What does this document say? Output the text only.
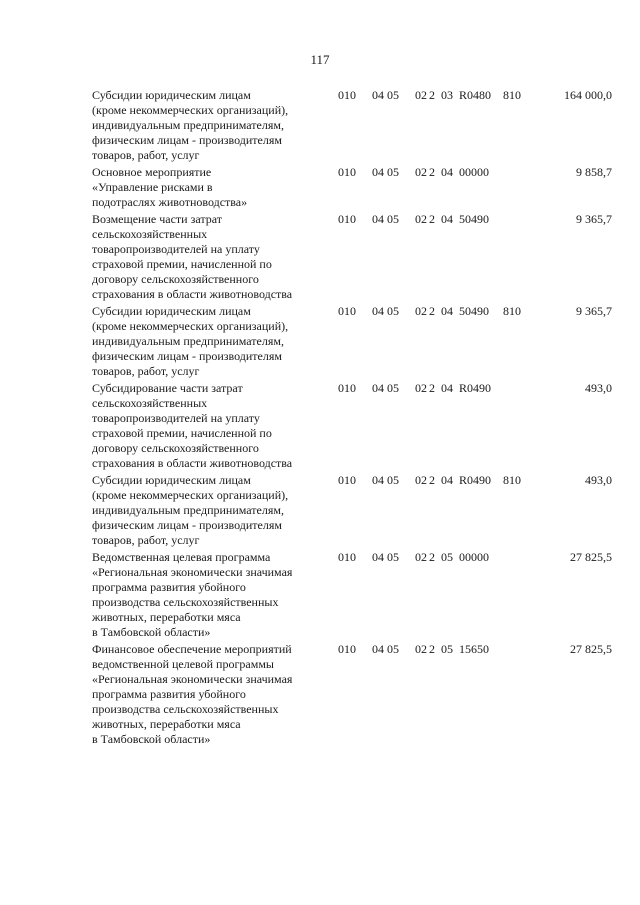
117
Субсидии юридическим лицам
(кроме некоммерческих организаций),
индивидуальным предпринимателям,
физическим лицам - производителям
товаров, работ, услуг
010 04 05 02 2 03 R0480 810	164 000,0
Основное мероприятие
«Управление рисками в
подотраслях животноводства»
010 04 05 02 2 04 00000	9 858,7
Возмещение части затрат
сельскохозяйственных
товаропроизводителей на уплату
страховой премии, начисленной по
договору сельскохозяйственного
страхования в области животноводства
010 04 05 02 2 04 50490	9 365,7
Субсидии юридическим лицам
(кроме некоммерческих организаций),
индивидуальным предпринимателям,
физическим лицам - производителям
товаров, работ, услуг
010 04 05 02 2 04 50490 810	9 365,7
Субсидирование части затрат
сельскохозяйственных
товаропроизводителей на уплату
страховой премии, начисленной по
договору сельскохозяйственного
страхования в области животноводства
010 04 05 02 2 04 R0490	493,0
Субсидии юридическим лицам
(кроме некоммерческих организаций),
индивидуальным предпринимателям,
физическим лицам - производителям
товаров, работ, услуг
010 04 05 02 2 04 R0490 810	493,0
Ведомственная целевая программа
«Региональная экономически значимая
программа развития убойного
производства сельскохозяйственных
животных, переработки мяса
в Тамбовской области»
010 04 05 02 2 05 00000	27 825,5
Финансовое обеспечение мероприятий
ведомственной целевой программы
«Региональная экономически значимая
программа развития убойного
производства сельскохозяйственных
животных, переработки мяса
в Тамбовской области»
010 04 05 02 2 05 15650	27 825,5
